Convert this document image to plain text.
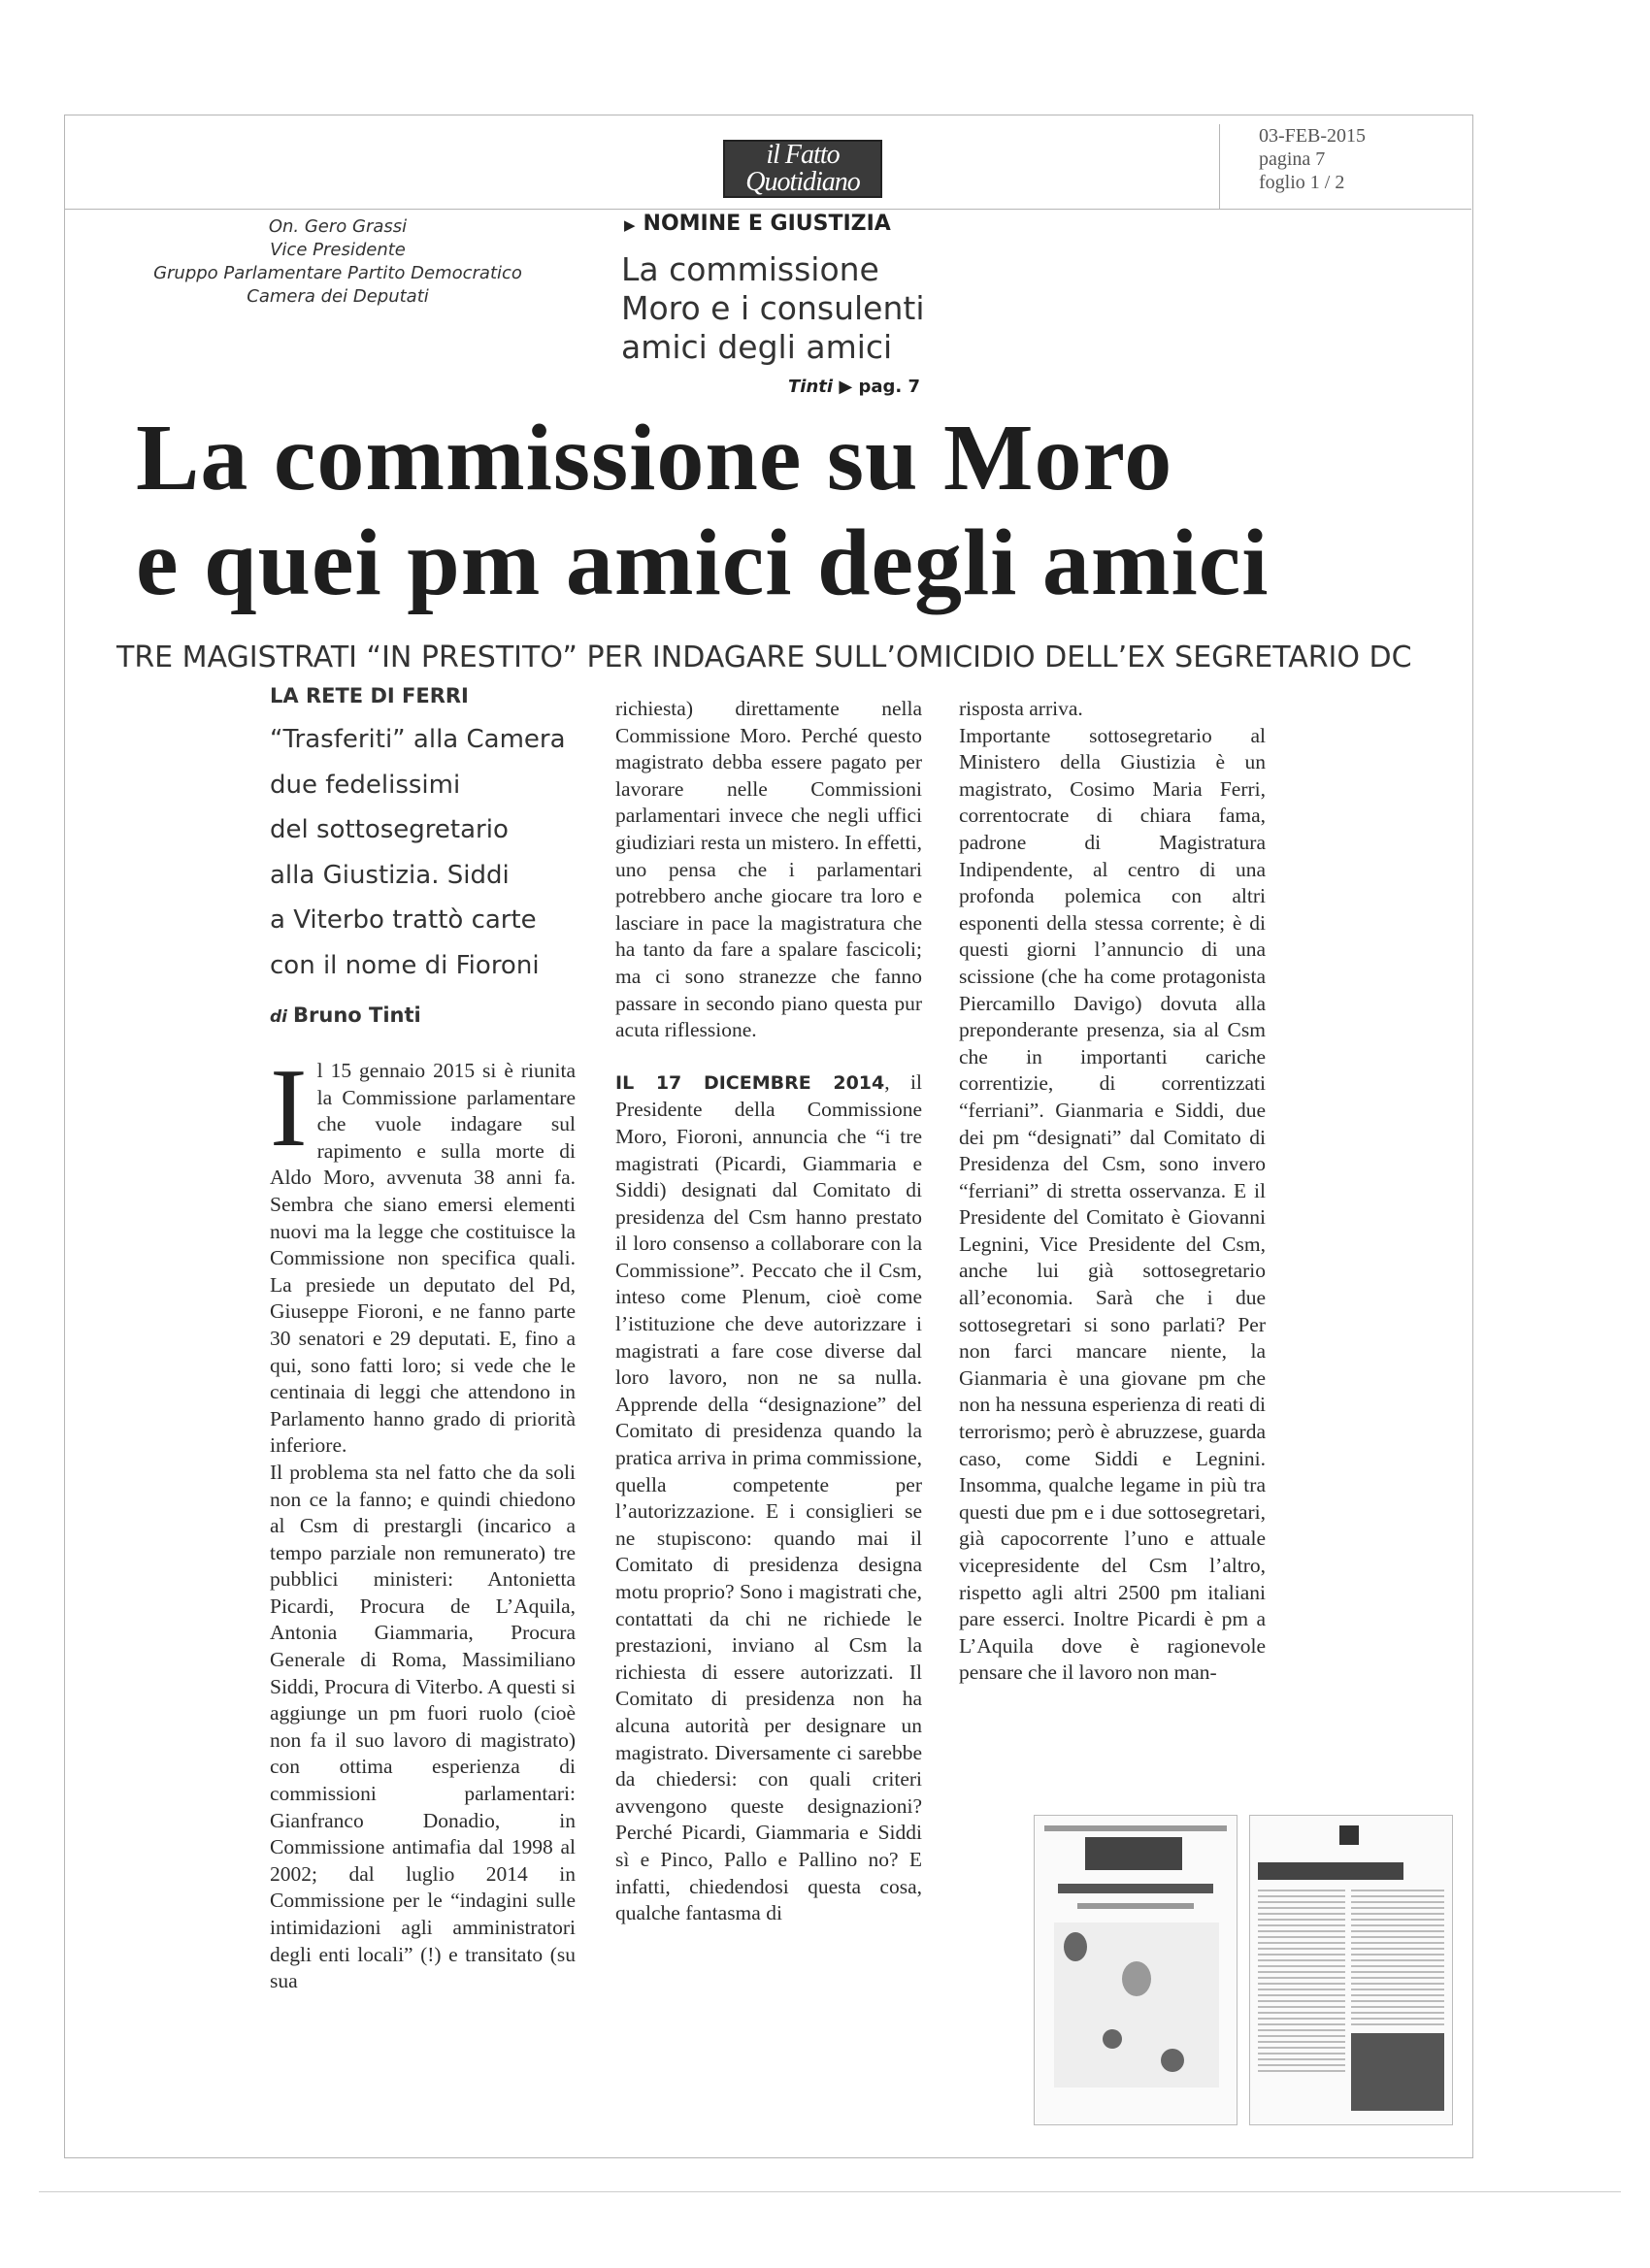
03-FEB-2015
pagina 7
foglio 1 / 2
il Fatto
Quotidiano
On. Gero Grassi
Vice Presidente
Gruppo Parlamentare Partito Democratico
Camera dei Deputati
▶ NOMINE E GIUSTIZIA
La commissione
Moro e i consulenti
amici degli amici
Tinti ▶ pag. 7
La commissione su Moro
e quei pm amici degli amici
TRE MAGISTRATI “IN PRESTITO” PER INDAGARE SULL’OMICIDIO DELL’EX SEGRETARIO DC
LA RETE DI FERRI
“Trasferiti” alla Camera
due fedelissimi
del sottosegretario
alla Giustizia. Siddi
a Viterbo trattò carte
con il nome di Fioroni
di Bruno Tinti
I l 15 gennaio 2015 si è riunita la Commissione parlamentare che vuole indagare sul rapimento e sulla morte di Aldo Moro, avvenuta 38 anni fa. Sembra che siano emersi elementi nuovi ma la legge che costituisce la Commissione non specifica quali. La presiede un deputato del Pd, Giuseppe Fioroni, e ne fanno parte 30 senatori e 29 deputati. E, fino a qui, sono fatti loro; si vede che le centinaia di leggi che attendono in Parlamento hanno grado di priorità inferiore.

Il problema sta nel fatto che da soli non ce la fanno; e quindi chiedono al Csm di prestargli (incarico a tempo parziale non remunerato) tre pubblici ministeri: Antonietta Picardi, Procura de L’Aquila, Antonia Giammaria, Procura Generale di Roma, Massimiliano Siddi, Procura di Viterbo. A questi si aggiunge un pm fuori ruolo (cioè non fa il suo lavoro di magistrato) con ottima esperienza di commissioni parlamentari: Gianfranco Donadio, in Commissione antimafia dal 1998 al 2002; dal luglio 2014 in Commissione per le “indagini sulle intimidazioni agli amministratori degli enti locali” (!) e transitato (su sua

richiesta) direttamente nella Commissione Moro. Perché questo magistrato debba essere pagato per lavorare nelle Commissioni parlamentari invece che negli uffici giudiziari resta un mistero. In effetti, uno pensa che i parlamentari potrebbero anche giocare tra loro e lasciare in pace la magistratura che ha tanto da fare a spalare fascicoli; ma ci sono stranezze che fanno passare in secondo piano questa pur acuta riflessione.

IL 17 DICEMBRE 2014, il Presidente della Commissione Moro, Fioroni, annuncia che “i tre magistrati (Picardi, Giammaria e Siddi) designati dal Comitato di presidenza del Csm hanno prestato il loro consenso a collaborare con la Commissione”. Peccato che il Csm, inteso come Plenum, cioè come l’istituzione che deve autorizzare i magistrati a fare cose diverse dal loro lavoro, non ne sa nulla. Apprende della “designazione” del Comitato di presidenza quando la pratica arriva in prima commissione, quella competente per l’autorizzazione. E i consiglieri se ne stupiscono: quando mai il Comitato di presidenza designa motu proprio? Sono i magistrati che, contattati da chi ne richiede le prestazioni, inviano al Csm la richiesta di essere autorizzati. Il Comitato di presidenza non ha alcuna autorità per designare un magistrato. Diversamente ci sarebbe da chiedersi: con quali criteri avvengono queste designazioni? Perché Picardi, Giammaria e Siddi sì e Pinco, Pallo e Pallino no? E infatti, chiedendosi questa cosa, qualche fantasma di

risposta arriva.

Importante sottosegretario al Ministero della Giustizia è un magistrato, Cosimo Maria Ferri, correntocrate di chiara fama, padrone di Magistratura Indipendente, al centro di una profonda polemica con altri esponenti della stessa corrente; è di questi giorni l’annuncio di una scissione (che ha come protagonista Piercamillo Davigo) dovuta alla preponderante presenza, sia al Csm che in importanti cariche correntizie, di correntizzati “ferriani”. Gianmaria e Siddi, due dei pm “designati” dal Comitato di Presidenza del Csm, sono invero “ferriani” di stretta osservanza. E il Presidente del Comitato è Giovanni Legnini, Vice Presidente del Csm, anche lui già sottosegretario all’economia. Sarà che i due sottosegretari si sono parlati? Per non farci mancare niente, la Gianmaria è una giovane pm che non ha nessuna esperienza di reati di terrorismo; però è abruzzese, guarda caso, come Siddi e Legnini. Insomma, qualche legame in più tra questi due pm e i due sottosegretari, già capocorrente l’uno e attuale vicepresidente del Csm l’altro, rispetto agli altri 2500 pm italiani pare esserci. Inoltre Picardi è pm a L’Aquila dove è ragionevole pensare che il lavoro non man-
